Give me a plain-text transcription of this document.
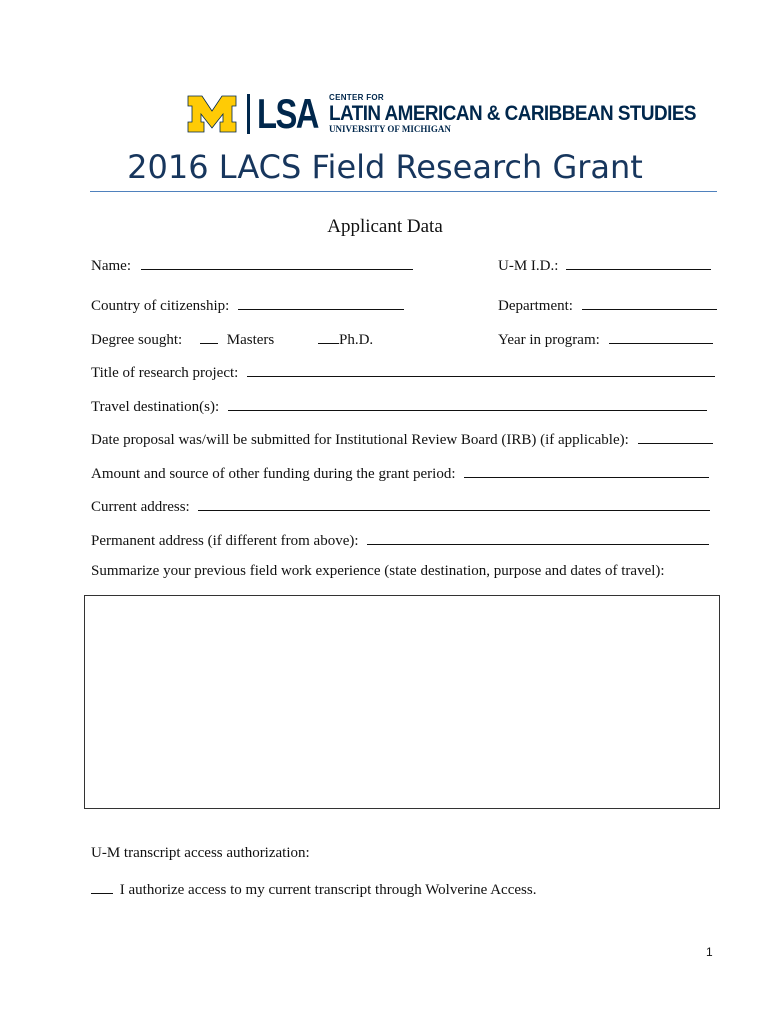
LSA CENTER FOR
LATIN AMERICAN & CARIBBEAN STUDIES
UNIVERSITY OF MICHIGAN
2016 LACS Field Research Grant
Applicant Data
Name:	U-M I.D.:
Country of citizenship:	Department:
Degree sought:	Masters	Ph.D.	Year in program:
Title of research project:
Travel destination(s):
Date proposal was/will be submitted for Institutional Review Board (IRB) (if applicable):
Amount and source of other funding during the grant period:
Current address:
Permanent address (if different from above):
Summarize your previous field work experience (state destination, purpose and dates of travel):
U-M transcript access authorization:
I authorize access to my current transcript through Wolverine Access.
1
